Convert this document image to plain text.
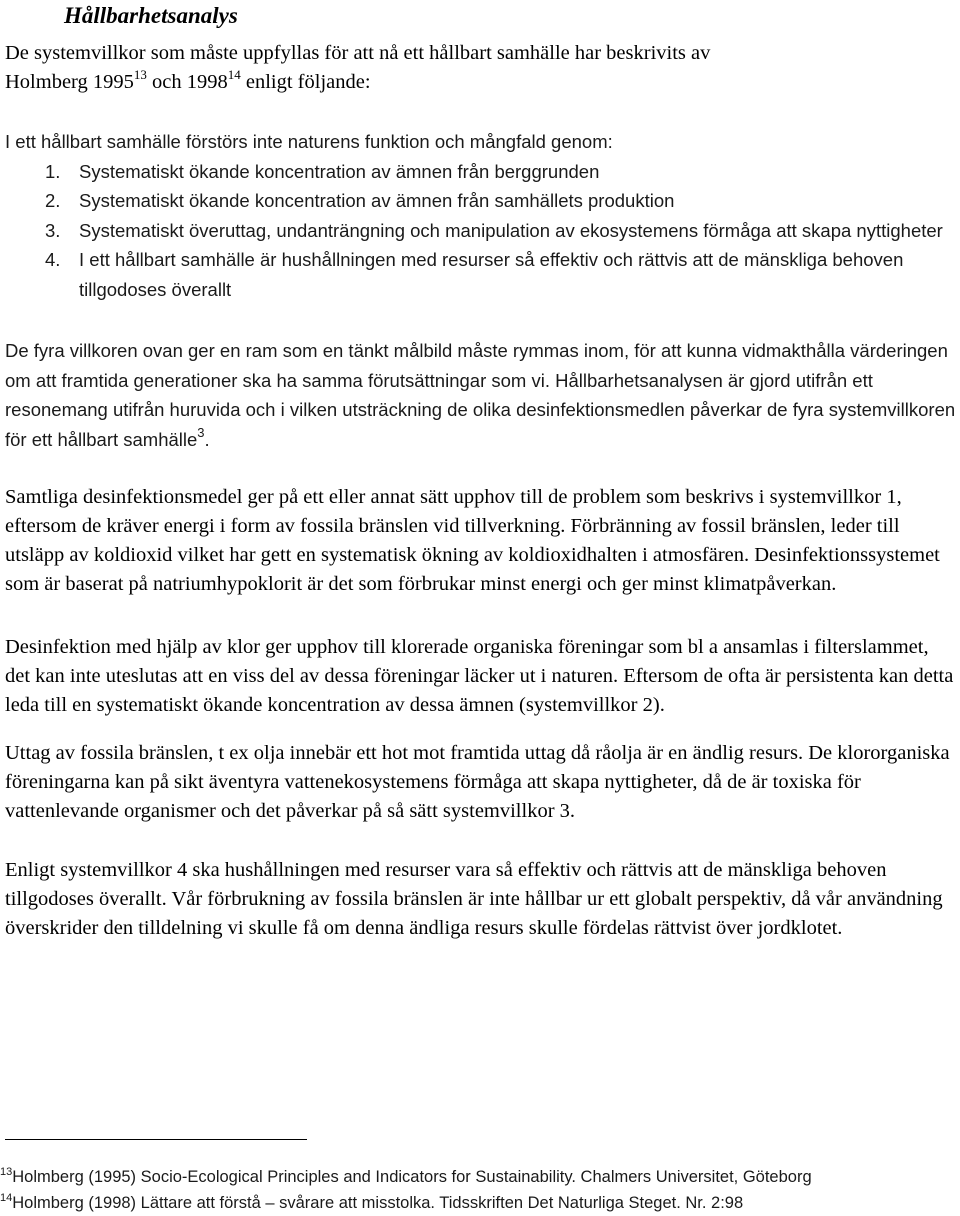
Hållbarhetsanalys

De systemvillkor som måste uppfyllas för att nå ett hållbart samhälle har beskrivits av
Holmberg 1995$^{13}$ och 1998$^{14}$ enligt följande:

I ett hållbart samhälle förstörs inte naturens funktion och mångfald genom:

1. Systematiskt ökande koncentration av ämnen från berggrunden
2. Systematiskt ökande koncentration av ämnen från samhällets produktion
3. Systematiskt överuttag, undanträngning och manipulation av ekosystemens förmåga att skapa nyttigheter
4. I ett hållbart samhälle är hushållningen med resurser så effektiv och rättvis att de mänskliga behoven tillgodoses överallt

De fyra villkoren ovan ger en ram som en tänkt målbild måste rymmas inom, för att kunna vidmakthålla värderingen om att framtida generationer ska ha samma förutsättningar som vi. Hållbarhetsanalysen är gjord utifrån ett resonemang utifrån huruvida och i vilken utsträckning de olika desinfektionsmedlen påverkar de fyra systemvillkoren för ett hållbart samhälle$^3$.

Samtliga desinfektionsmedel ger på ett eller annat sätt upphov till de problem som beskrivs i systemvillkor 1, eftersom de kräver energi i form av fossila bränslen vid tillverkning. Förbränning av fossil bränslen, leder till utsläpp av koldioxid vilket har gett en systematisk ökning av koldioxidhalten i atmosfären. Desinfektionssystemet som är baserat på natriumhypoklorit är det som förbrukar minst energi och ger minst klimatpåverkan.

Desinfektion med hjälp av klor ger upphov till klorerade organiska föreningar som bl a ansamlas i filterslammet, det kan inte uteslutas att en viss del av dessa föreningar läcker ut i naturen. Eftersom de ofta är persistenta kan detta leda till en systematiskt ökande koncentration av dessa ämnen (systemvillkor 2).

Uttag av fossila bränslen, t ex olja innebär ett hot mot framtida uttag då råolja är en ändlig resurs. De klororganiska föreningarna kan på sikt äventyra vattenekosystemens förmåga att skapa nyttigheter, då de är toxiska för vattenlevande organismer och det påverkar på så sätt systemvillkor 3.

Enligt systemvillkor 4 ska hushållningen med resurser vara så effektiv och rättvis att de mänskliga behoven tillgodoses överallt. Vår förbrukning av fossila bränslen är inte hållbar ur ett globalt perspektiv, då vår användning överskrider den tilldelning vi skulle få om denna ändliga resurs skulle fördelas rättvist över jordklotet.

$^{13}$Holmberg (1995) Socio-Ecological Principles and Indicators for Sustainability. Chalmers Universitet, Göteborg

$^{14}$Holmberg (1998) Lättare att förstå – svårare att misstolka. Tidsskriften Det Naturliga Steget. Nr. 2:98
